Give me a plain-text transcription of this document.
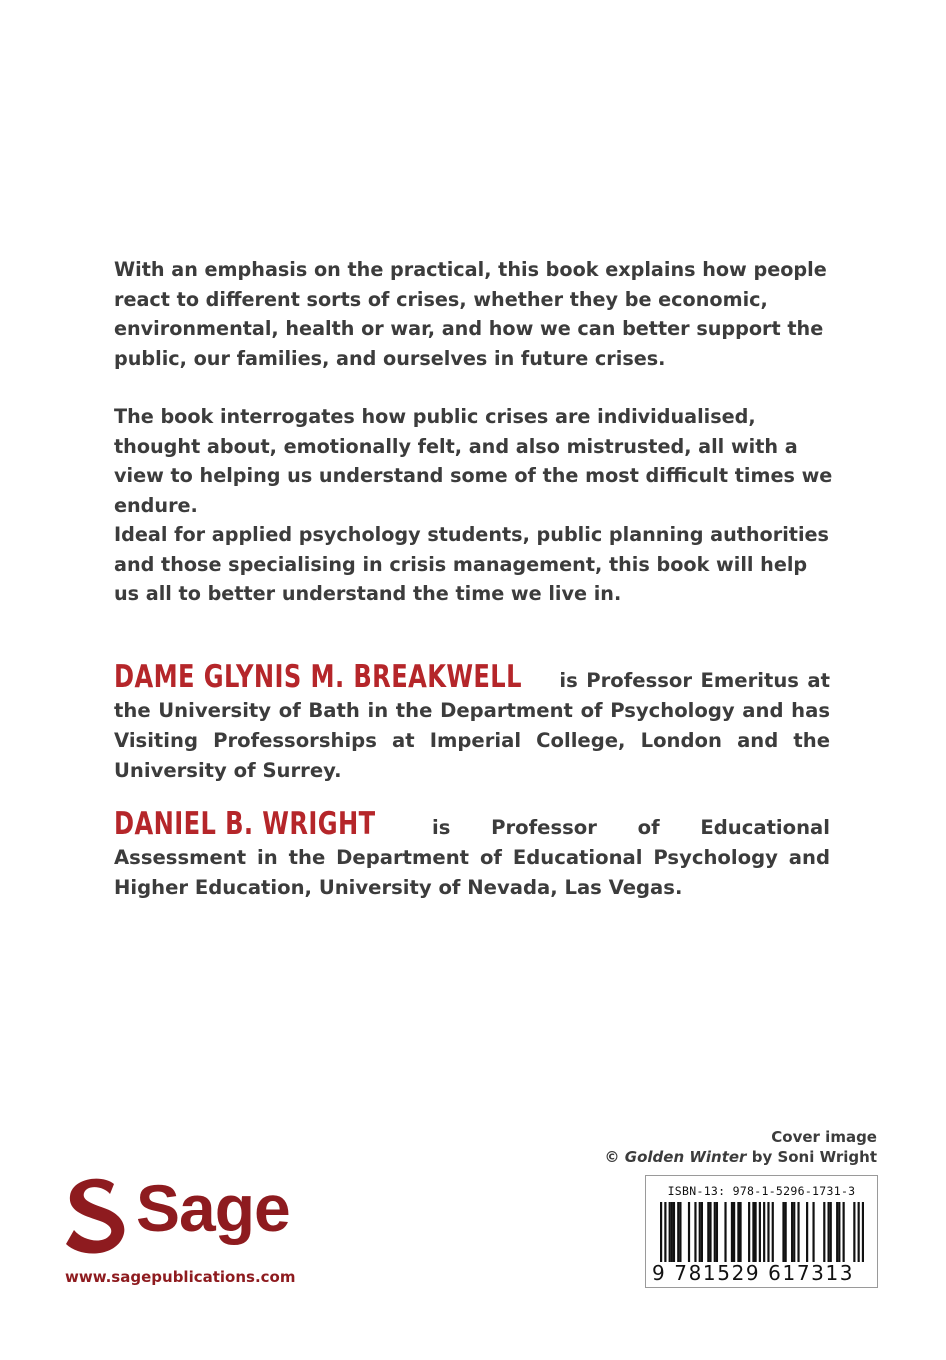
With an emphasis on the practical, this book explains how people react to different sorts of crises, whether they be economic, environmental, health or war, and how we can better support the public, our families, and ourselves in future crises.

The book interrogates how public crises are individualised, thought about, emotionally felt, and also mistrusted, all with a view to helping us understand some of the most difficult times we endure.

Ideal for applied psychology students, public planning authorities and those specialising in crisis management, this book will help us all to better understand the time we live in.

DAME GLYNIS M. BREAKWELL is Professor Emeritus at the University of Bath in the Department of Psychology and has Visiting Professorships at Imperial College, London and the University of Surrey.

DANIEL B. WRIGHT	is Professor of Educational Assessment in the Department of Educational Psychology and Higher Education, University of Nevada, Las Vegas.

Cover image
© Golden Winter by Soni Wright
Sage
www.sagepublications.com
ISBN-13: 978-1-5296-1731-3
9 781529 617313
